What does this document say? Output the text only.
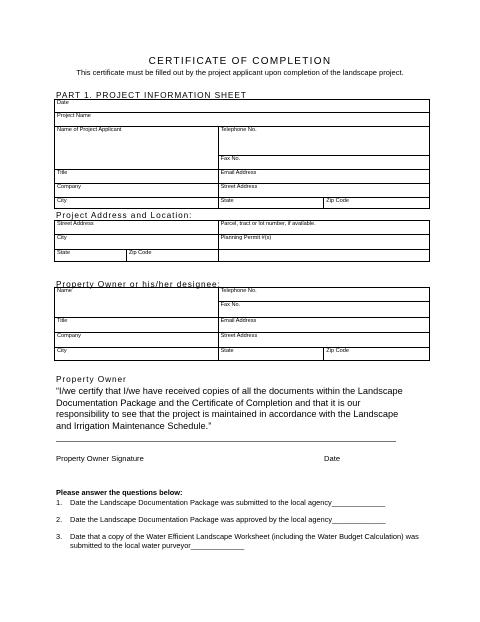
CERTIFICATE OF COMPLETION
This certificate must be filled out by the project applicant upon completion of the landscape project.
PART 1. PROJECT INFORMATION SHEET
Date		
Project Name		
Name of Project Applicant	Telephone No.	
	Fax No.	
Title	Email Address	
Company	Street Address	
City	State	Zip Code
Project Address and Location:
Street Address		Parcel, tract or lot number, if available.
City		Planning Permit #(s)
State	Zip Code	
Property Owner or his/her designee:
Name	Telephone No.	
	Fax No.	
Title	Email Address	
Company	Street Address	
City	State	Zip Code
Property Owner
“I/we certify that I/we have received copies of all the documents within the Landscape
Documentation Package and the Certificate of Completion and that it is our
responsibility to see that the project is maintained in accordance with the Landscape
and Irrigation Maintenance Schedule.”
Property Owner Signature	Date
Please answer the questions below:
1. Date the Landscape Documentation Package was submitted to the local agency_____________
2. Date the Landscape Documentation Package was approved by the local agency_____________
3. Date that a copy of the Water Efficient Landscape Worksheet (including the Water Budget Calculation) was submitted to the local water purveyor_____________
